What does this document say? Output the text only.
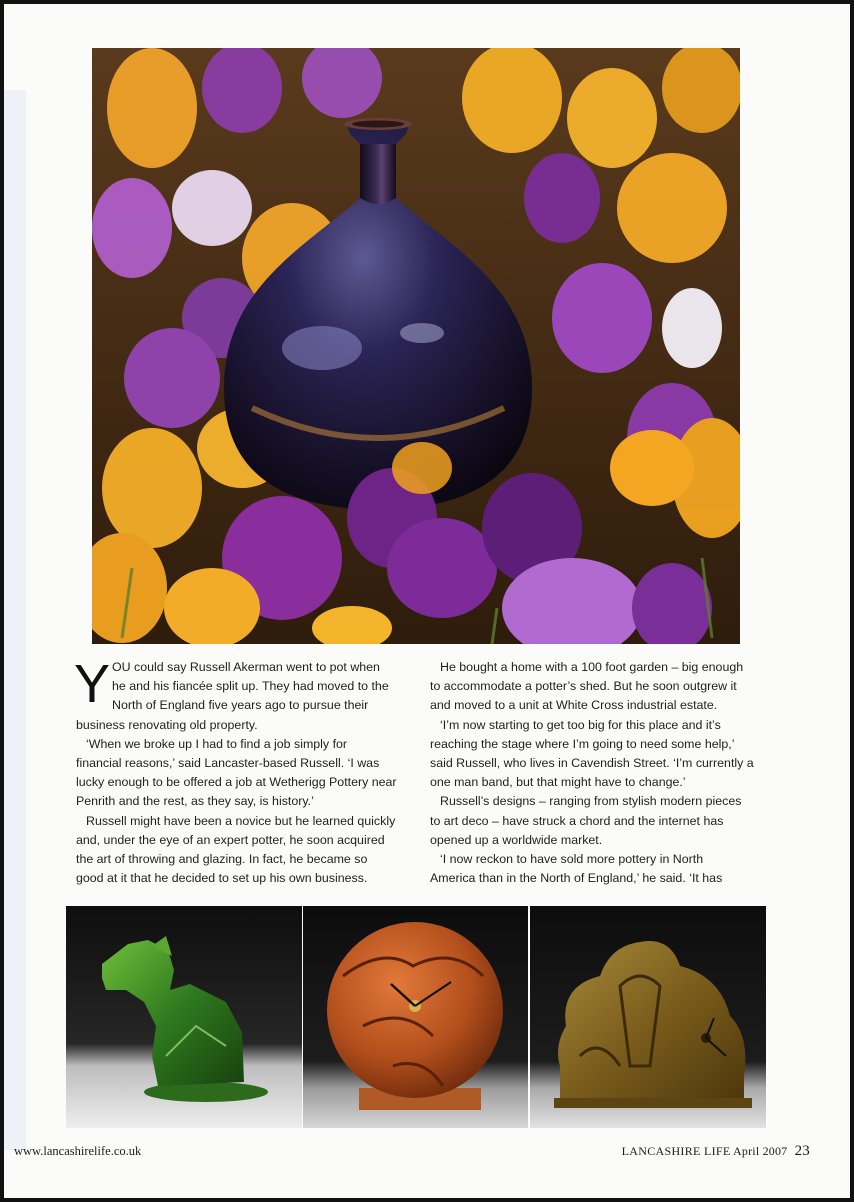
Y OU could say Russell Akerman went to pot when
he and his fiancée split up. They had moved to the
North of England five years ago to pursue their
business renovating old property.

‘When we broke up I had to find a job simply for
financial reasons,’ said Lancaster-based Russell. ‘I was
lucky enough to be offered a job at Wetherigg Pottery near
Penrith and the rest, as they say, is history.’

Russell might have been a novice but he learned quickly
and, under the eye of an expert potter, he soon acquired
the art of throwing and glazing. In fact, he became so
good at it that he decided to set up his own business.

He bought a home with a 100 foot garden – big enough
to accommodate a potter’s shed. But he soon outgrew it
and moved to a unit at White Cross industrial estate.

‘I’m now starting to get too big for this place and it’s
reaching the stage where I’m going to need some help,’
said Russell, who lives in Cavendish Street. ‘I’m currently a
one man band, but that might have to change.’

Russell’s designs – ranging from stylish modern pieces
to art deco – have struck a chord and the internet has
opened up a worldwide market.

‘I now reckon to have sold more pottery in North
America than in the North of England,’ he said. ‘It has

www.lancashirelife.co.uk	LANCASHIRE LIFE April 2007 23
